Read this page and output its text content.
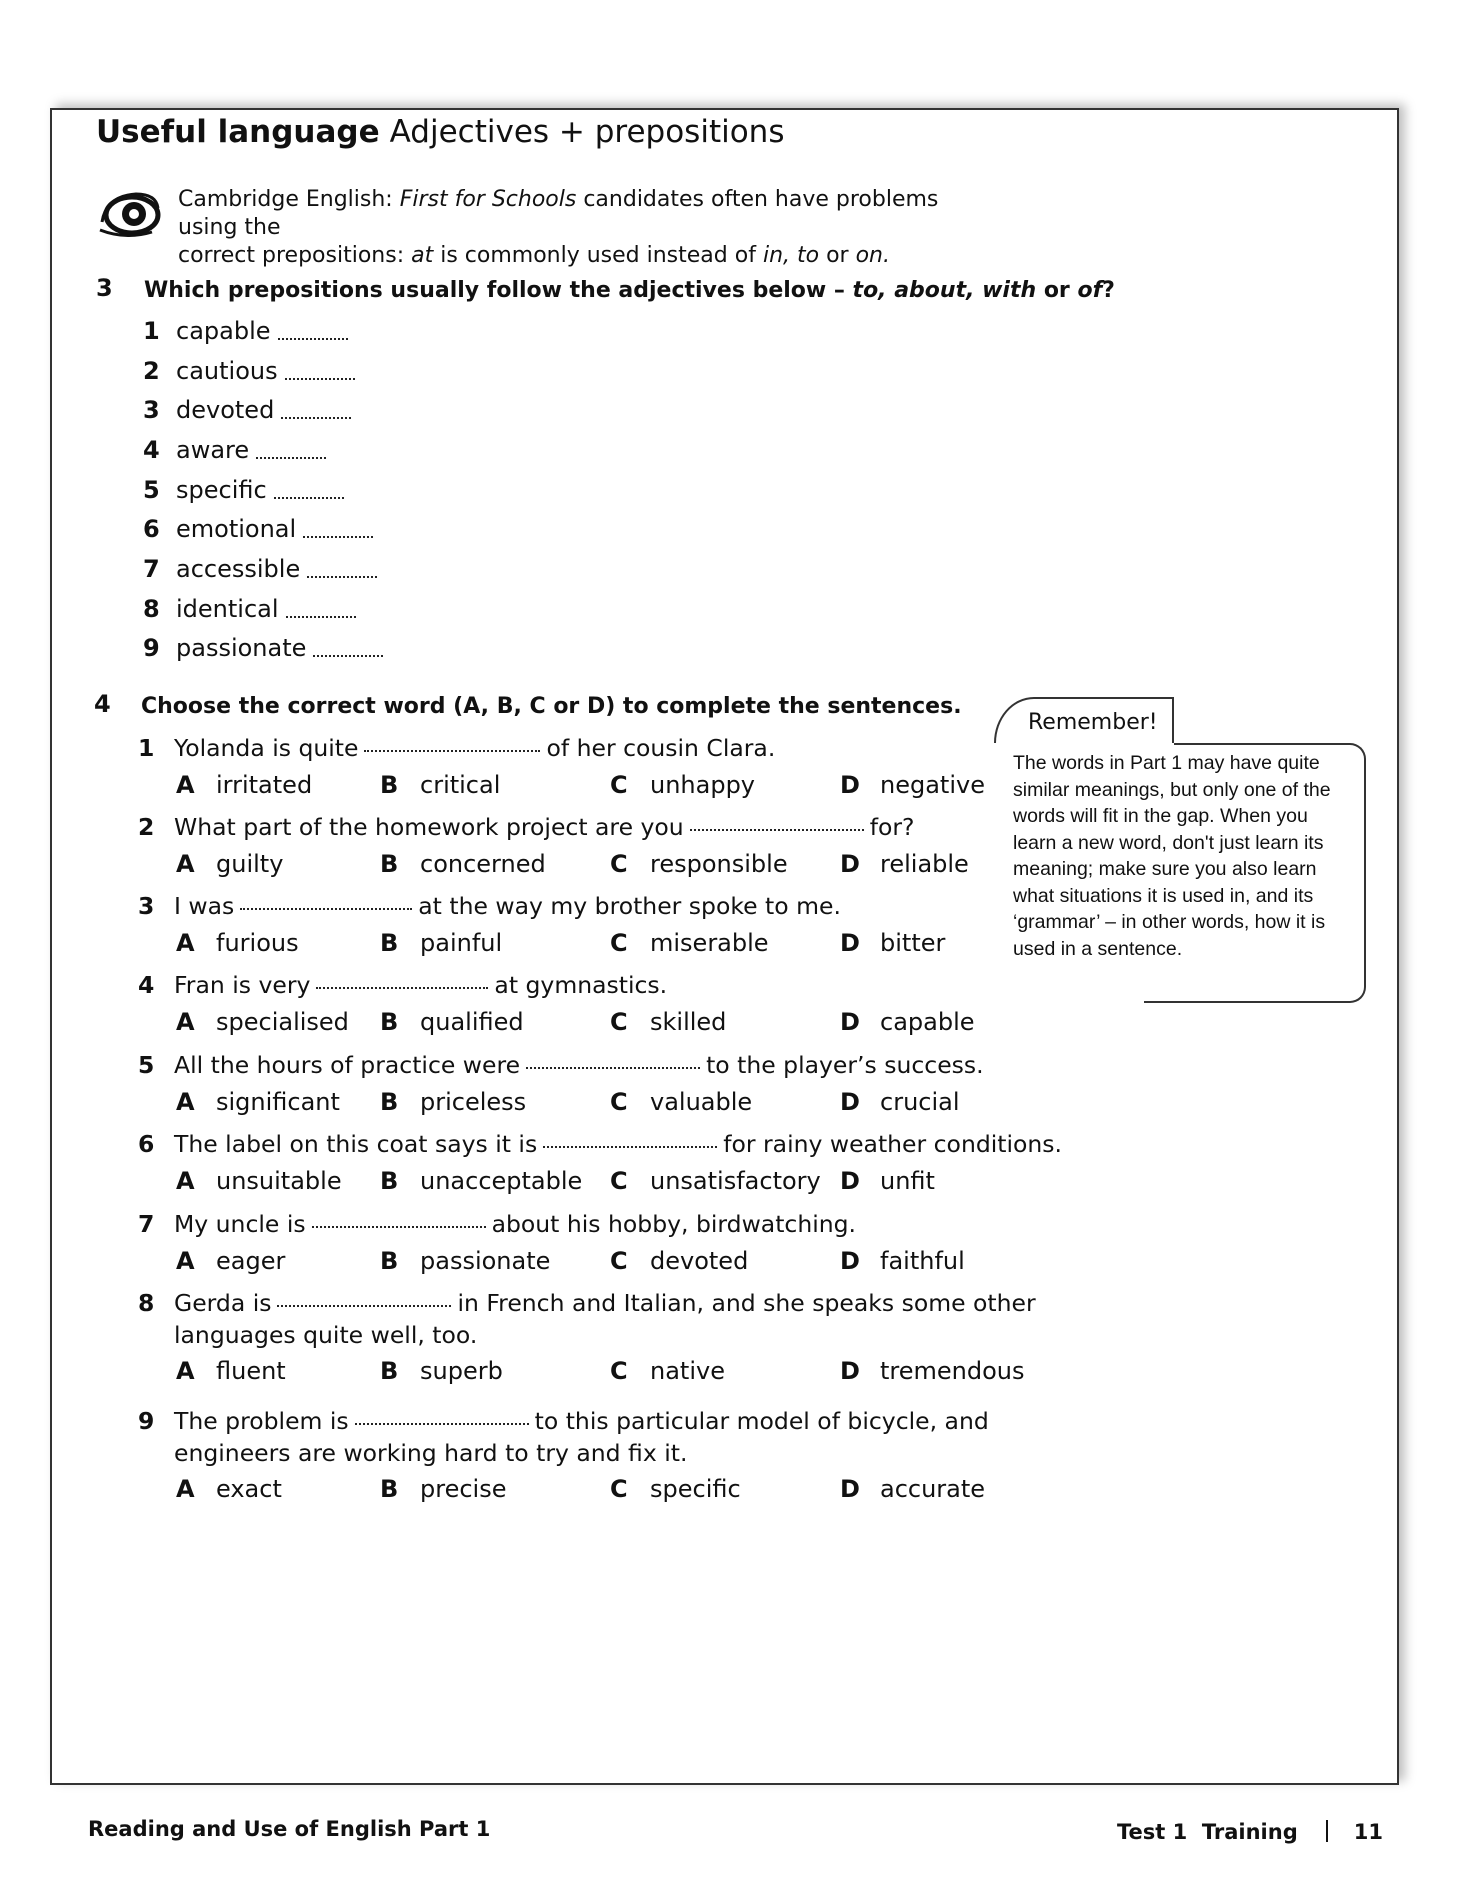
Useful language Adjectives + prepositions
Cambridge English: First for Schools candidates often have problems using the
correct prepositions: at is commonly used instead of in, to or on.
3 Which prepositions usually follow the adjectives below – to, about, with or of?
1 capable
2 cautious
3 devoted
4 aware
5 specific
6 emotional
7 accessible
8 identical
9 passionate
4 Choose the correct word (A, B, C or D) to complete the sentences.
1 Yolanda is quite	of her cousin Clara.
A irritated	B critical	C unhappy	D negative
2 What part of the homework project are you	for?
A guilty	B concerned	C responsible D reliable
3 I was	at the way my brother spoke to me.
A furious	B painful	C miserable	D bitter
4 Fran is very	at gymnastics.
A specialised B qualified	C skilled	D capable
5 All the hours of practice were	to the player’s success.
A significant B priceless	C valuable	D crucial
6 The label on this coat says it is	for rainy weather conditions.
A unsuitable B unacceptable C unsatisfactory D unfit
7 My uncle is	about his hobby, birdwatching.
A eager	B passionate C devoted	D faithful
8 Gerda is	in French and Italian, and she speaks some other
languages quite well, too.
A fluent	B superb	C native	D tremendous
9 The problem is	to this particular model of bicycle, and
engineers are working hard to try and fix it.
A exact	B precise	C specific	D accurate
Remember!
The words in Part 1 may have quite similar meanings, but only one of the words will fit in the gap. When you learn a new word, don't just learn its meaning; make sure you also learn what situations it is used in, and its ‘grammar’ – in other words, how it is used in a sentence.
Reading and Use of English Part 1	Test 1  Training	11
